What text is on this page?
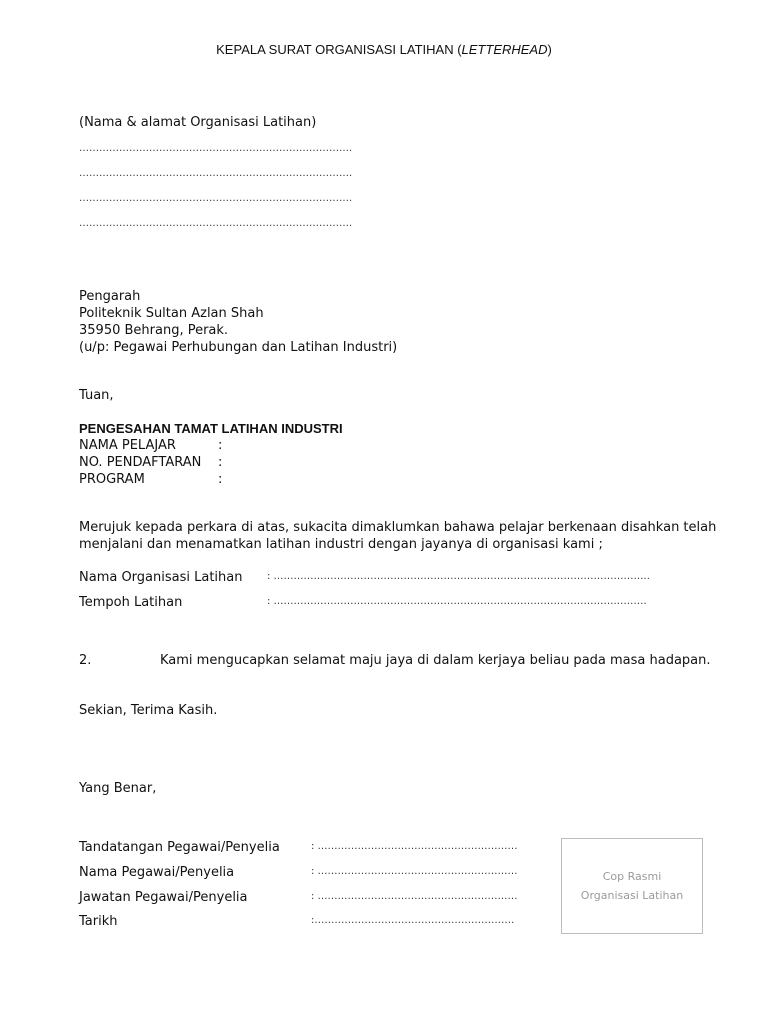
KEPALA SURAT ORGANISASI LATIHAN (LETTERHEAD)
(Nama & alamat Organisasi Latihan)
……………………………………………………………………….
……………………………………………………………………….
……………………………………………………………………….
……………………………………………………………………….
Pengarah
Politeknik Sultan Azlan Shah
35950 Behrang, Perak.
(u/p: Pegawai Perhubungan dan Latihan Industri)
Tuan,
PENGESAHAN TAMAT LATIHAN INDUSTRI
NAMA PELAJAR	:
NO. PENDAFTARAN :
PROGRAM	:
Merujuk kepada perkara di atas, sukacita dimaklumkan bahawa pelajar berkenaan disahkan telah menjalani dan menamatkan latihan industri dengan jayanya di organisasi kami ;
Nama Organisasi Latihan : …………………………………………………………………………………………………..
Tempoh Latihan	: ………………………………………………………………………………………….………
2.	Kami mengucapkan selamat maju jaya di dalam kerjaya beliau pada masa hadapan.
Sekian, Terima Kasih.
Yang Benar,
Tandatangan Pegawai/Penyelia	: ……………………………………………………
Nama Pegawai/Penyelia	: ……………………………………………………
Jawatan Pegawai/Penyelia	: ……………………………………………………
Tarikh	:……………………………………………………
Cop Rasmi
Organisasi Latihan
